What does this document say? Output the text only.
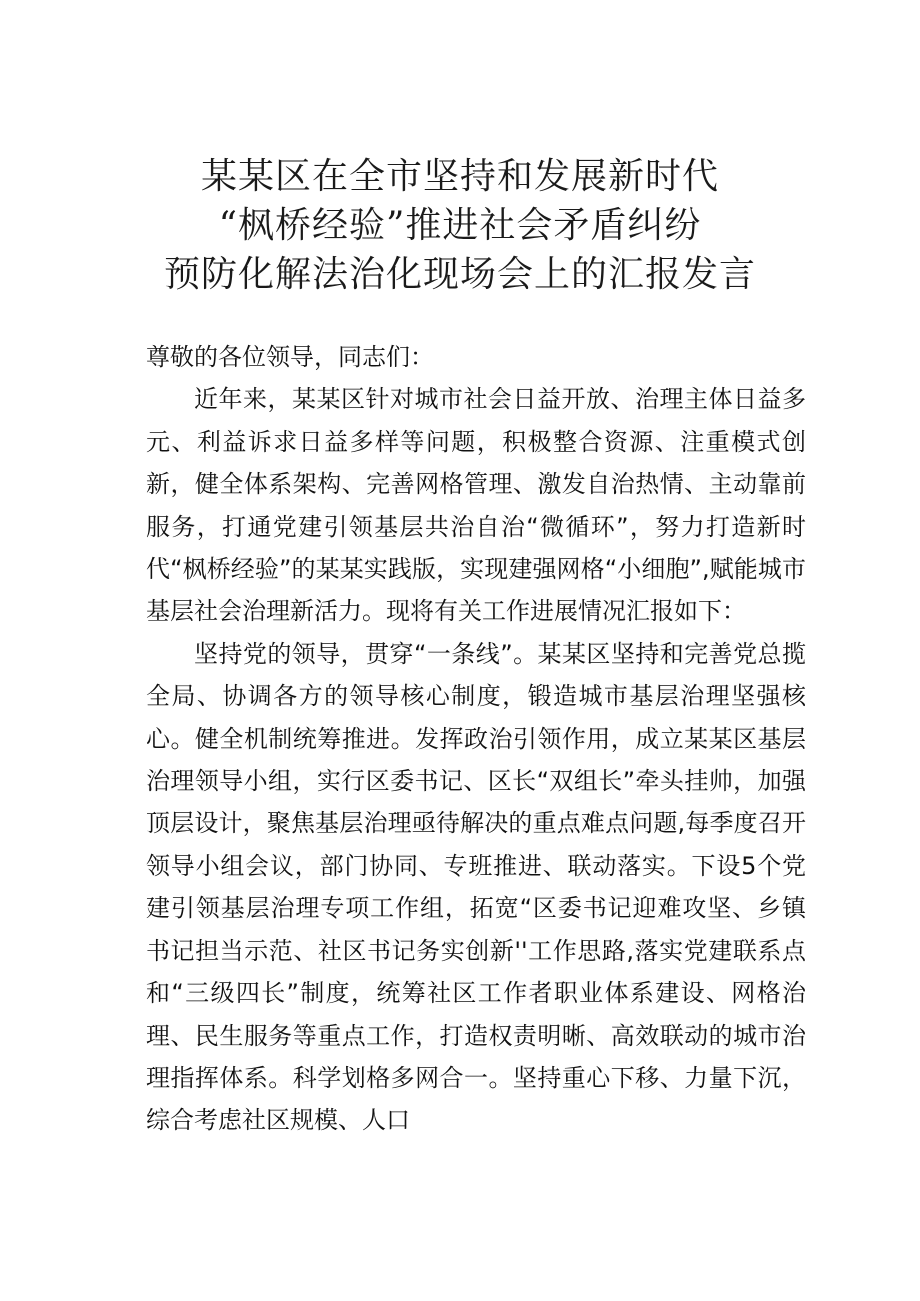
某某区在全市坚持和发展新时代
“枫桥经验”推进社会矛盾纠纷
预防化解法治化现场会上的汇报发言

尊敬的各位领导，同志们：

近年来，某某区针对城市社会日益开放、治理主体日益多元、利益诉求日益多样等问题，积极整合资源、注重模式创新，健全体系架构、完善网格管理、激发自治热情、主动靠前服务，打通党建引领基层共治自治“微循环”，努力打造新时代“枫桥经验”的某某实践版，实现建强网格“小细胞”,赋能城市基层社会治理新活力。现将有关工作进展情况汇报如下：

坚持党的领导，贯穿“一条线”。某某区坚持和完善党总揽全局、协调各方的领导核心制度，锻造城市基层治理坚强核心。健全机制统筹推进。发挥政治引领作用，成立某某区基层治理领导小组，实行区委书记、区长“双组长”牵头挂帅，加强顶层设计，聚焦基层治理亟待解决的重点难点问题,每季度召开领导小组会议，部门协同、专班推进、联动落实。下设5个党建引领基层治理专项工作组，拓宽“区委书记迎难攻坚、乡镇书记担当示范、社区书记务实创新''工作思路,落实党建联系点和“三级四长”制度，统筹社区工作者职业体系建设、网格治理、民生服务等重点工作，打造权责明晰、高效联动的城市治理指挥体系。科学划格多网合一。坚持重心下移、力量下沉，综合考虑社区规模、人口
